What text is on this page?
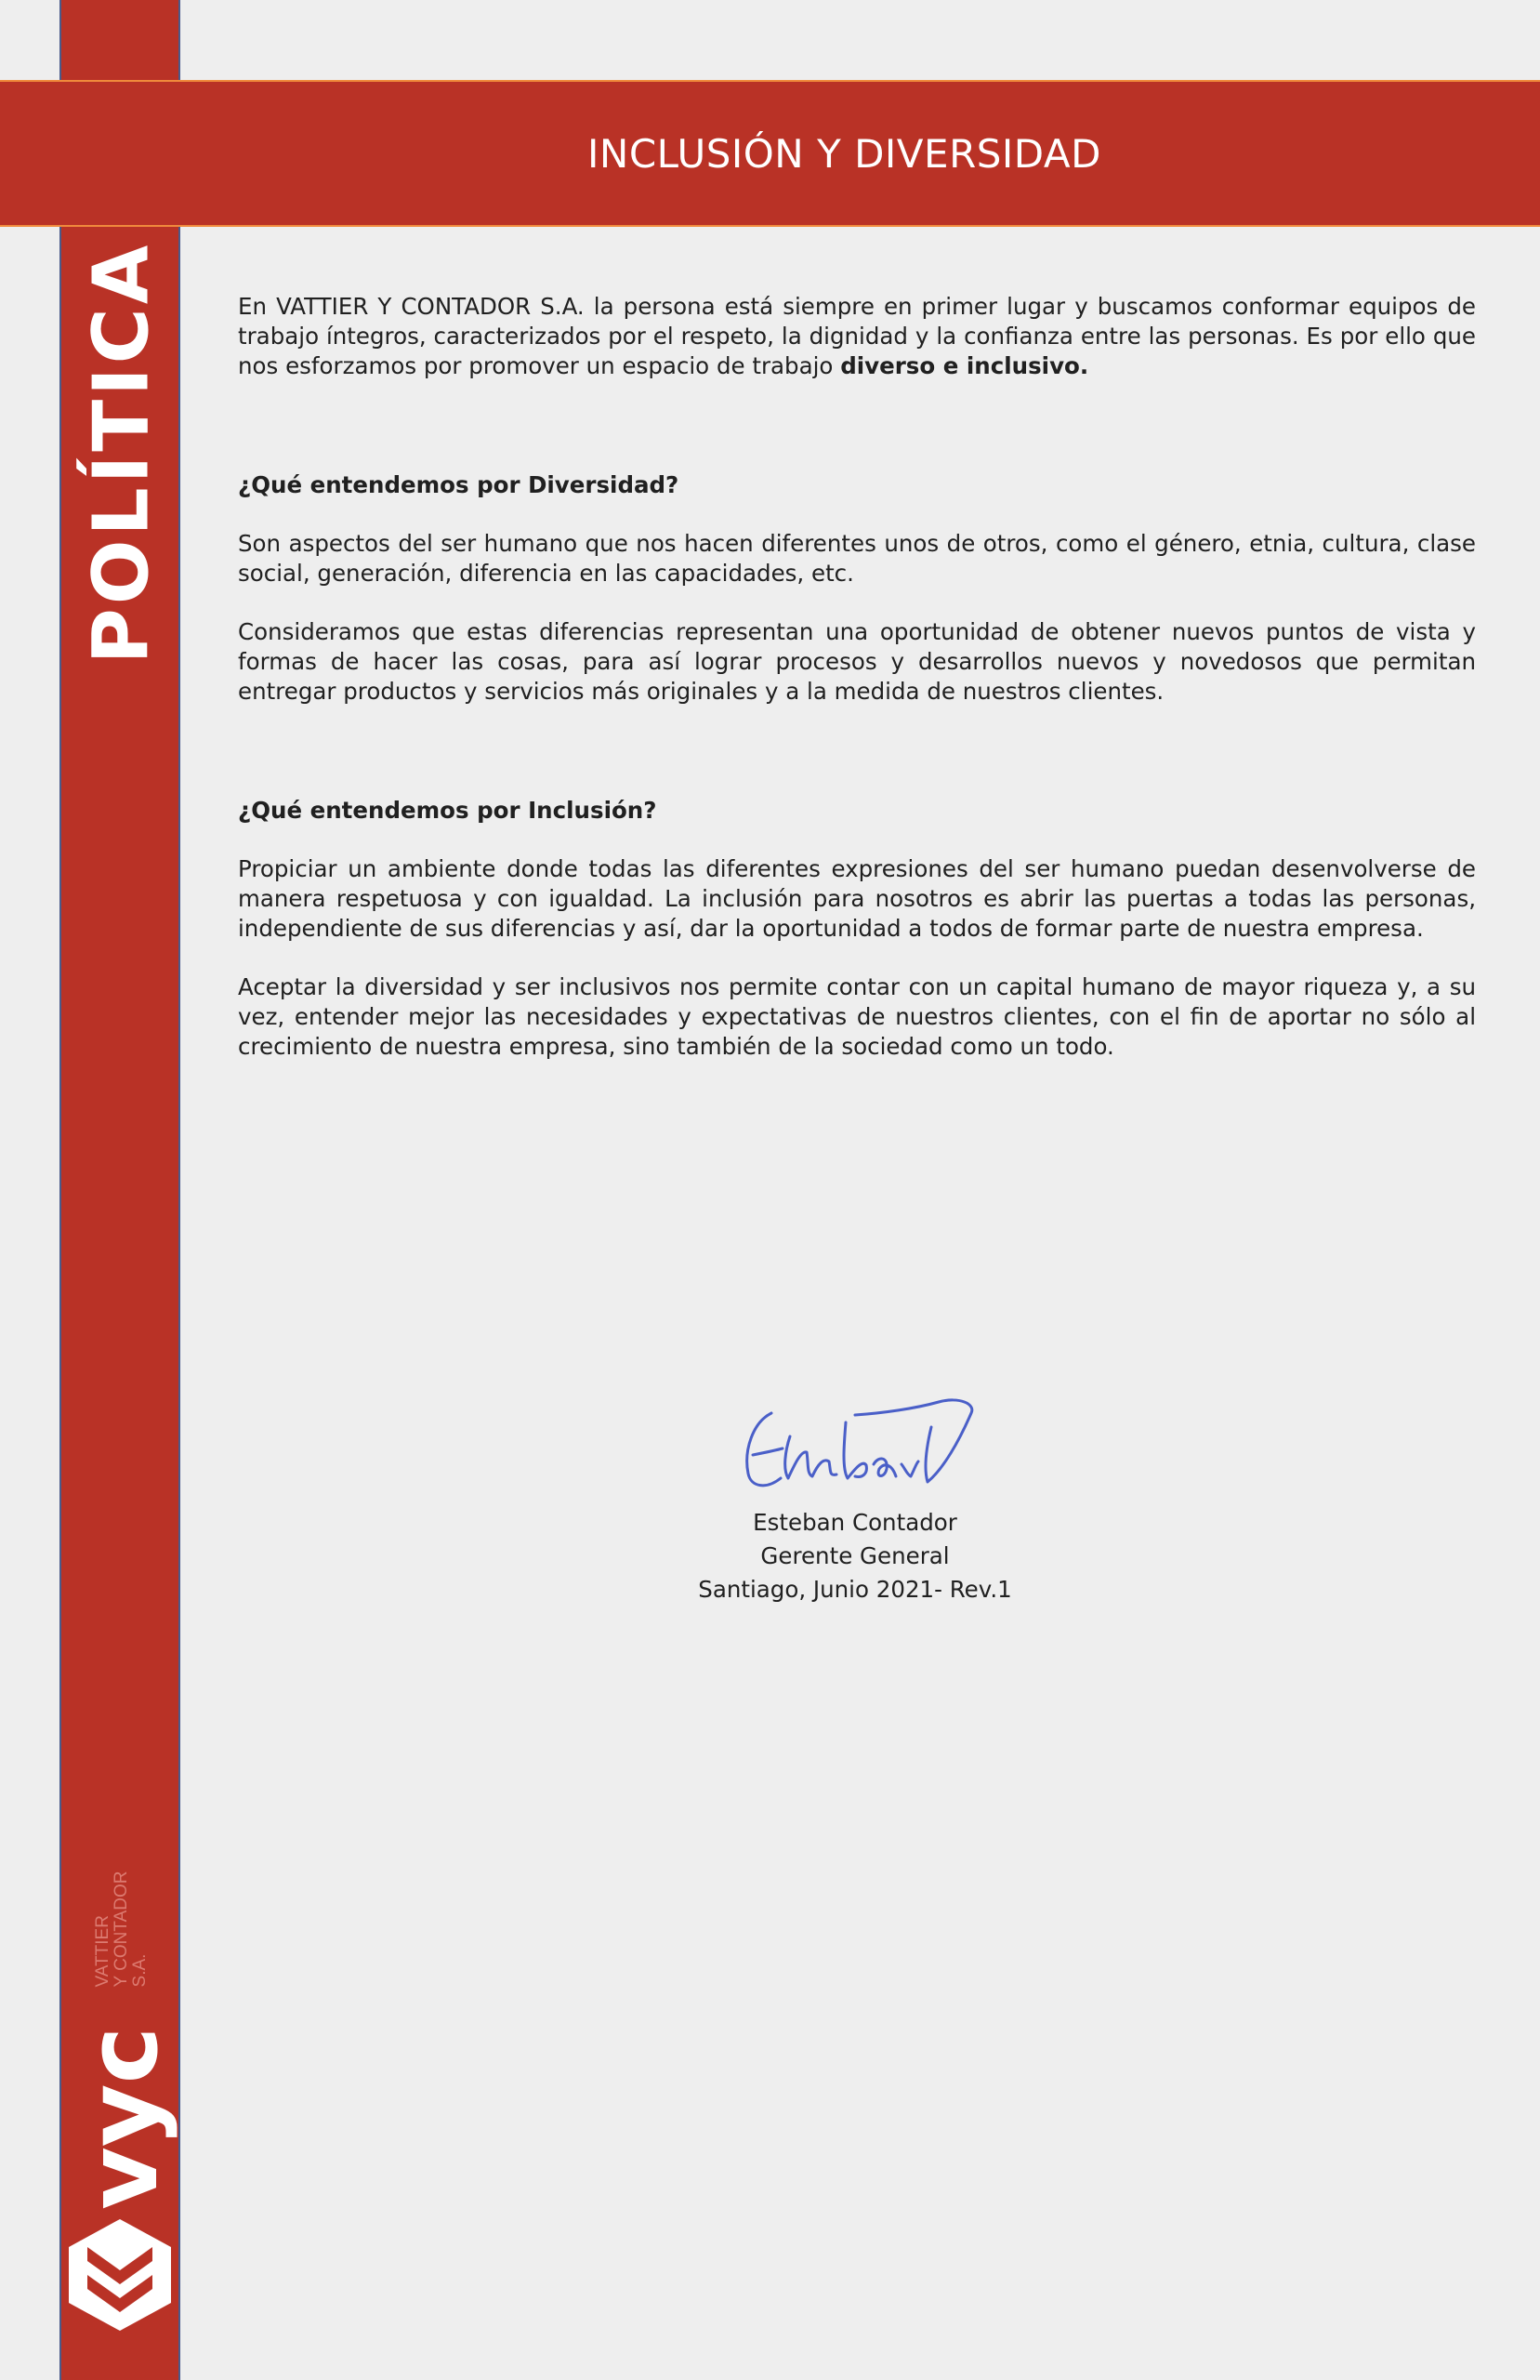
POLÍTICA
VATTIER Y CONTADOR S.A.
vyc
INCLUSIÓN Y DIVERSIDAD

En VATTIER Y CONTADOR S.A. la persona está siempre en primer lugar y buscamos conformar equipos de trabajo íntegros, caracterizados por el respeto, la dignidad y la confianza entre las personas. Es por ello que nos esforzamos por promover un espacio de trabajo diverso e inclusivo.

¿Qué entendemos por Diversidad?

Son aspectos del ser humano que nos hacen diferentes unos de otros, como el género, etnia, cultura, clase social, generación, diferencia en las capacidades, etc.

Consideramos que estas diferencias representan una oportunidad de obtener nuevos puntos de vista y formas de hacer las cosas, para así lograr procesos y desarrollos nuevos y novedosos que permitan entregar productos y servicios más originales y a la medida de nuestros clientes.

¿Qué entendemos por Inclusión?

Propiciar un ambiente donde todas las diferentes expresiones del ser humano puedan desenvolverse de manera respetuosa y con igualdad. La inclusión para nosotros es abrir las puertas a todas las personas, independiente de sus diferencias y así, dar la oportunidad a todos de formar parte de nuestra empresa.

Aceptar la diversidad y ser inclusivos nos permite contar con un capital humano de mayor riqueza y, a su vez, entender mejor las necesidades y expectativas de nuestros clientes, con el fin de aportar no sólo al crecimiento de nuestra empresa, sino también de la sociedad como un todo.

Esteban Contador
Gerente General
Santiago, Junio 2021- Rev.1
